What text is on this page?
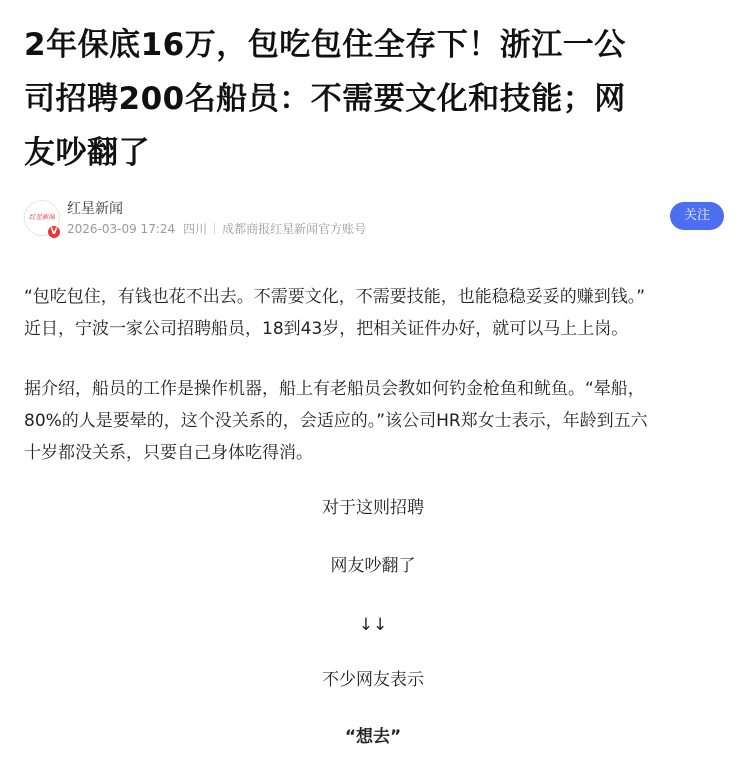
2年保底16万，包吃包住全存下！浙江一公
司招聘200名船员：不需要文化和技能；网
友吵翻了
红星新闻
V
红星新闻
2026-03-09 17:24 四川 成都商报红星新闻官方账号
关注

“包吃包住，有钱也花不出去。不需要文化，不需要技能，也能稳稳妥妥的赚到钱。”
近日，宁波一家公司招聘船员，18到43岁，把相关证件办好，就可以马上上岗。

据介绍，船员的工作是操作机器，船上有老船员会教如何钓金枪鱼和鱿鱼。“晕船，
80%的人是要晕的，这个没关系的，会适应的。”该公司HR郑女士表示，年龄到五六
十岁都没关系，只要自己身体吃得消。

对于这则招聘

网友吵翻了

↓↓

不少网友表示

“想去”
